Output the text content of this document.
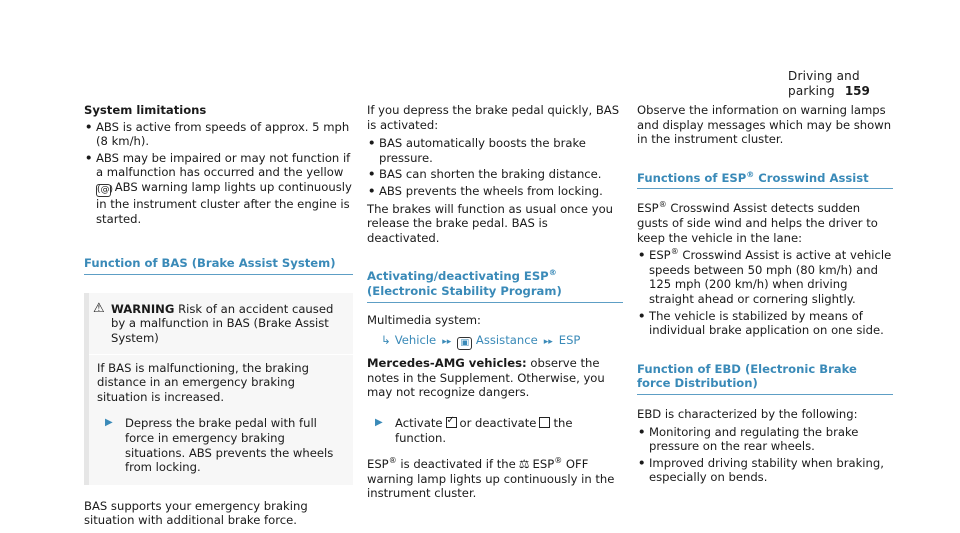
Driving and parking 159

System limitations

• ABS is active from speeds of approx. 5 mph (8 km/h).
• ABS may be impaired or may not function if a malfunction has occurred and the yellow (@) ABS warning lamp lights up continuously in the instrument cluster after the engine is started.

Function of BAS (Brake Assist System)

⚠ WARNING Risk of an accident caused by a malfunction in BAS (Brake Assist System)

If BAS is malfunctioning, the braking distance in an emergency braking situation is increased.

▶ Depress the brake pedal with full force in emergency braking situations. ABS prevents the wheels from locking.

BAS supports your emergency braking situation with additional brake force.

If you depress the brake pedal quickly, BAS is activated:

• BAS automatically boosts the brake pressure.
• BAS can shorten the braking distance.
• ABS prevents the wheels from locking.

The brakes will function as usual once you release the brake pedal. BAS is deactivated.

Activating/deactivating ESP® (Electronic Stability Program)

Multimedia system:

↳ Vehicle ▸▸ ▣ Assistance ▸▸ ESP

Mercedes-AMG vehicles: observe the notes in the Supplement. Otherwise, you may not recognize dangers.

▶ Activate✓ or deactivate the function.

ESP® is deactivated if the ⚖ ESP® OFF warning lamp lights up continuously in the instrument cluster.

Observe the information on warning lamps and display messages which may be shown in the instrument cluster.

Functions of ESP® Crosswind Assist

ESP® Crosswind Assist detects sudden gusts of side wind and helps the driver to keep the vehicle in the lane:

• ESP® Crosswind Assist is active at vehicle speeds between 50 mph (80 km/h) and 125 mph (200 km/h) when driving straight ahead or cornering slightly.
• The vehicle is stabilized by means of individual brake application on one side.

Function of EBD (Electronic Brake force Distribution)

EBD is characterized by the following:

• Monitoring and regulating the brake pressure on the rear wheels.
• Improved driving stability when braking, especially on bends.
